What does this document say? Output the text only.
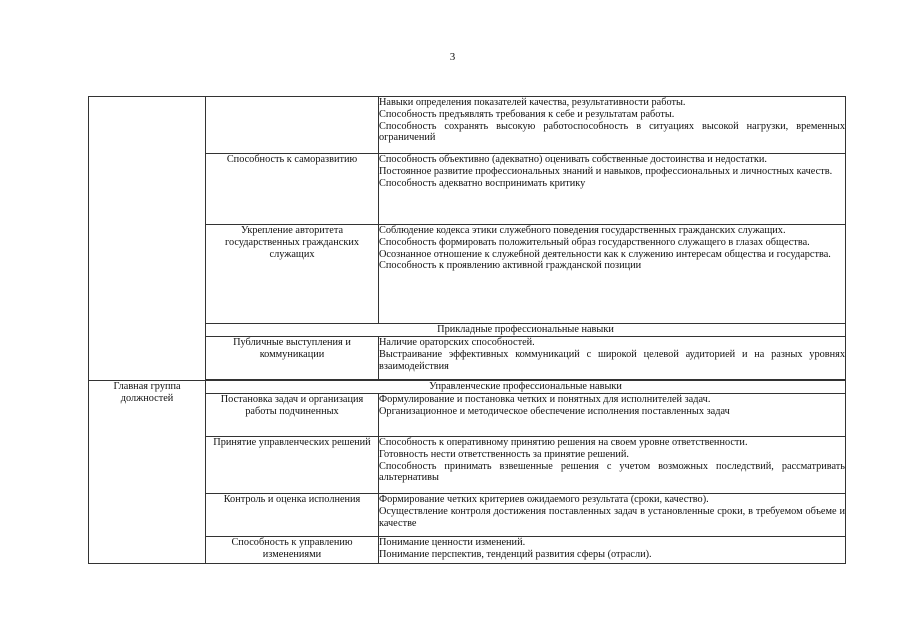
3

		Навыки определения показателей качества, результативности работы.
Способность предъявлять требования к себе и результатам работы.
Способность сохранять высокую работоспособность в ситуациях высокой нагрузки, временных ограничений

	Способность к саморазвитию	Способность объективно (адекватно) оценивать собственные достоинства и недостатки.
Постоянное развитие профессиональных знаний и навыков, профессиональных и личностных качеств.
Способность адекватно воспринимать критику

	Укрепление авторитета государственных гражданских служащих	Соблюдение кодекса этики служебного поведения государственных гражданских служащих.
Способность формировать положительный образ государственного служащего в глазах общества.
Осознанное отношение к служебной деятельности как к служению интересам общества и государства.
Способность к проявлению активной гражданской позиции

	Прикладные профессиональные навыки	
	Публичные выступления и коммуникации	Наличие ораторских способностей.
Выстраивание эффективных коммуникаций с широкой целевой аудиторией и на разных уровнях взаимодействия

Главная группа должностей	Управленческие профессиональные навыки	
	Постановка задач и организация работы подчиненных	Формулирование и постановка четких и понятных для исполнителей задач.
Организационное и методическое обеспечение исполнения поставленных задач

	Принятие управленческих решений	Способность к оперативному принятию решения на своем уровне ответственности.
Готовность нести ответственность за принятие решений.
Способность принимать взвешенные решения с учетом возможных последствий, рассматривать альтернативы

	Контроль и оценка исполнения	Формирование четких критериев ожидаемого результата (сроки, качество).
Осуществление контроля достижения поставленных задач в установленные сроки, в требуемом объеме и качестве

	Способность к управлению изменениями	Понимание ценности изменений.
Понимание перспектив, тенденций развития сферы (отрасли).
